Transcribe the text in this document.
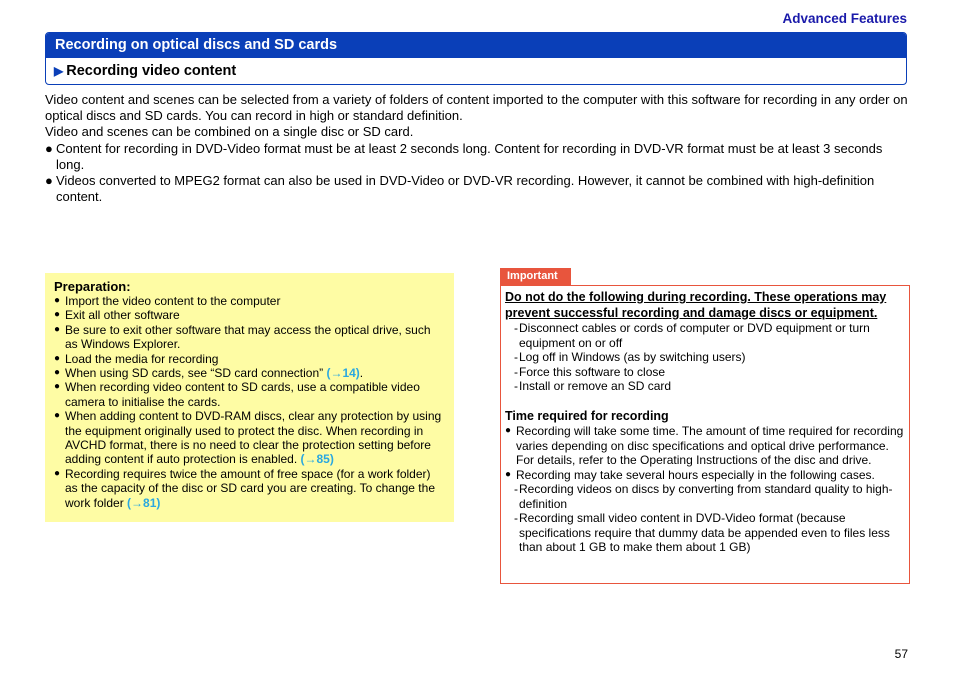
Advanced Features
Recording on optical discs and SD cards
▶ Recording video content

Video content and scenes can be selected from a variety of folders of content imported to the computer with this software for recording in any order on optical discs and SD cards. You can record in high or standard definition.

Video and scenes can be combined on a single disc or SD card.

● Content for recording in DVD-Video format must be at least 2 seconds long. Content for recording in DVD-VR format must be at least 3 seconds long.
● Videos converted to MPEG2 format can also be used in DVD-Video or DVD-VR recording. However, it cannot be combined with high-definition content.
Preparation:
● Import the video content to the computer
● Exit all other software
● Be sure to exit other software that may access the optical drive, such as Windows Explorer.
● Load the media for recording
● When using SD cards, see “SD card connection” (→14).
● When recording video content to SD cards, use a compatible video camera to initialise the cards.
● When adding content to DVD-RAM discs, clear any protection by using the equipment originally used to protect the disc. When recording in AVCHD format, there is no need to clear the protection setting before adding content if auto protection is enabled. (→85)
● Recording requires twice the amount of free space (for a work folder) as the capacity of the disc or SD card you are creating. To change the work folder (→81)
Important

Do not do the following during recording. These operations may prevent successful recording and damage discs or equipment.

- Disconnect cables or cords of computer or DVD equipment or turn equipment on or off
- Log off in Windows (as by switching users)
- Force this software to close
- Install or remove an SD card
Time required for recording
● Recording will take some time. The amount of time required for recording varies depending on disc specifications and optical drive performance. For details, refer to the Operating Instructions of the disc and drive.
● Recording may take several hours especially in the following cases.
- Recording videos on discs by converting from standard quality to high-definition
- Recording small video content in DVD-Video format (because specifications require that dummy data be appended even to files less than about 1 GB to make them about 1 GB)
57
